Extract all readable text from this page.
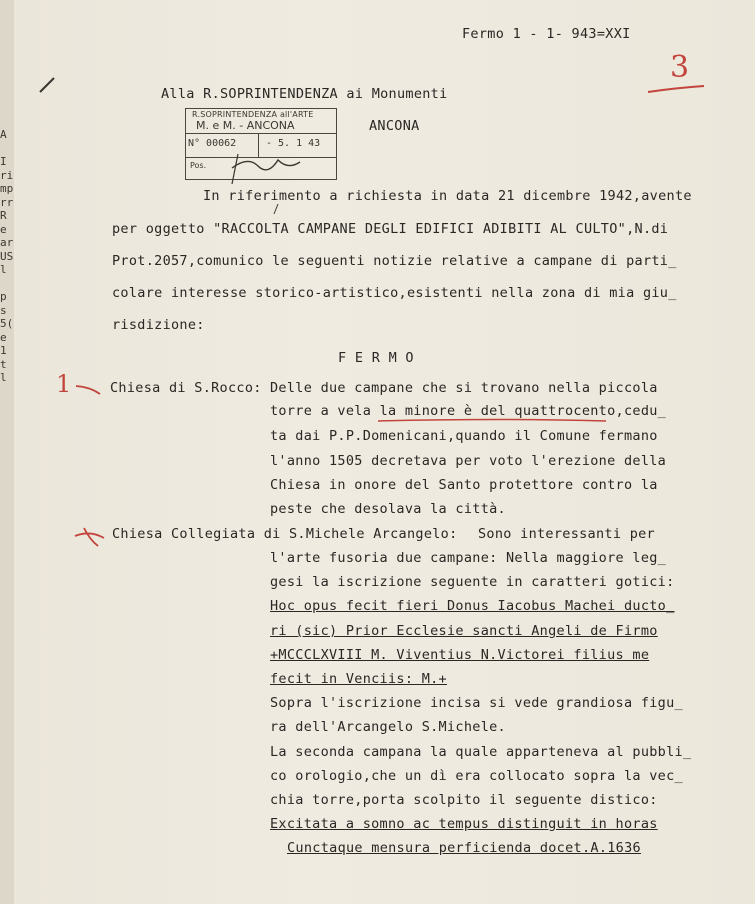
A

I
ri
mp
rr
R
e
ar
US
l

p
s
5(
e
1
t
l
Fermo 1 - 1- 943=XXI
3
Alla R.SOPRINTENDENZA ai Monumenti
ANCONA
R.SOPRINTENDENZA all'ARTE
M. e M. - ANCONA
N° 00062	- 5. 1 43
Pos.
In riferimento a richiesta in data 21 dicembre 1942,avente
per oggetto "RACCOLTA CAMPANE DEGLI EDIFICI ADIBITI AL CULTO",N.di
Prot.2057,comunico le seguenti notizie relative a campane di parti_
colare interesse storico-artistico,esistenti nella zona di mia giu_
risdizione:
F E R M O
1	Chiesa di S.Rocco: Delle due campane che si trovano nella piccola
torre a vela la minore è del quattrocento,cedu_
ta dai P.P.Domenicani,quando il Comune fermano
l'anno 1505 decretava per voto l'erezione della
Chiesa in onore del Santo protettore contro la
peste che desolava la città.
Chiesa Collegiata di S.Michele Arcangelo: Sono interessanti per
l'arte fusoria due campane: Nella maggiore leg_
gesi la iscrizione seguente in caratteri gotici:
Hoc opus fecit fieri Donus Iacobus Machei ducto_
ri (sic) Prior Ecclesie sancti Angeli de Firmo
+MCCCLXVIII M. Viventius N.Victorei filius me
fecit in Venciis: M.+
Sopra l'iscrizione incisa si vede grandiosa figu_
ra dell'Arcangelo S.Michele.
La seconda campana la quale apparteneva al pubbli_
co orologio,che un dì era collocato sopra la vec_
chia torre,porta scolpito il seguente distico:
Excitata a somno ac tempus distinguit in horas
Cunctaque mensura perficienda docet.A.1636
